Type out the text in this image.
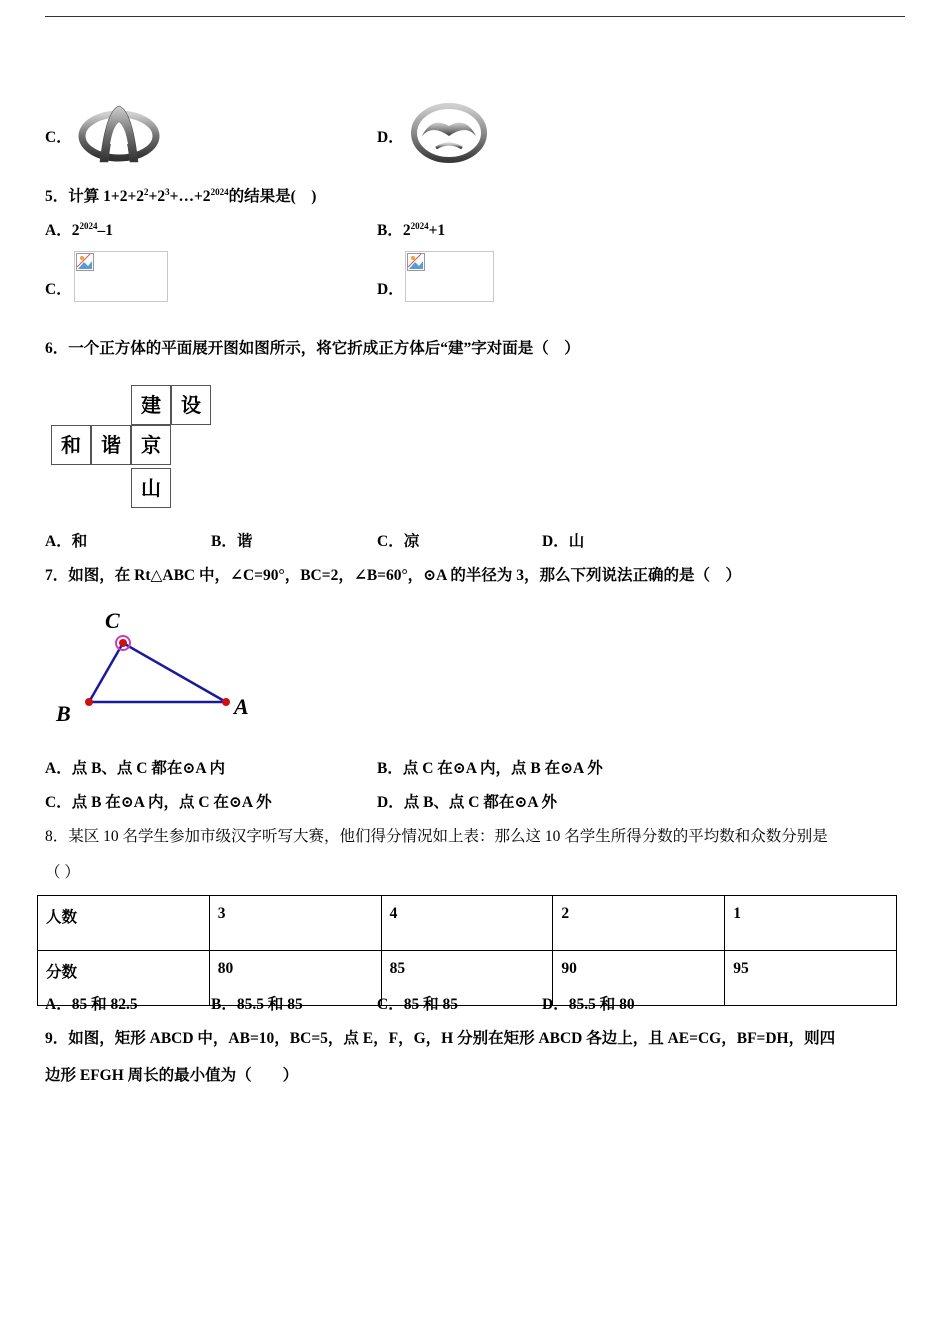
C．	D．
5．计算 $1+2+2^2+2^3+\dots+2^{2024}$的结果是(　)
A．$2^{2024}-1$	B．$2^{2024}+1$
C．	D．
6．一个正方体的平面展开图如图所示，将它折成正方体后“建”字对面是（　）
建	设
和	谐	京
山
A．和	B．谐	C．凉	D．山
7．如图，在 Rt△ABC 中，∠C=90°，BC=2，∠B=60°，⊙A 的半径为 3，那么下列说法正确的是（　）
C
B	A
A．点 B、点 C 都在⊙A 内	B．点 C 在⊙A 内，点 B 在⊙A 外
C．点 B 在⊙A 内，点 C 在⊙A 外	D．点 B、点 C 都在⊙A 外
8．某区 10 名学生参加市级汉字听写大赛，他们得分情况如上表：那么这 10 名学生所得分数的平均数和众数分别是
（ ）
人数	3	4	2	1
分数	80	85	90	95
A．85 和 82.5	B．85.5 和 85	C．85 和 85	D．85.5 和 80
9．如图，矩形 ABCD 中，AB=10，BC=5，点 E，F，G，H 分别在矩形 ABCD 各边上，且 AE=CG，BF=DH，则四
边形 EFGH 周长的最小值为（　　）
